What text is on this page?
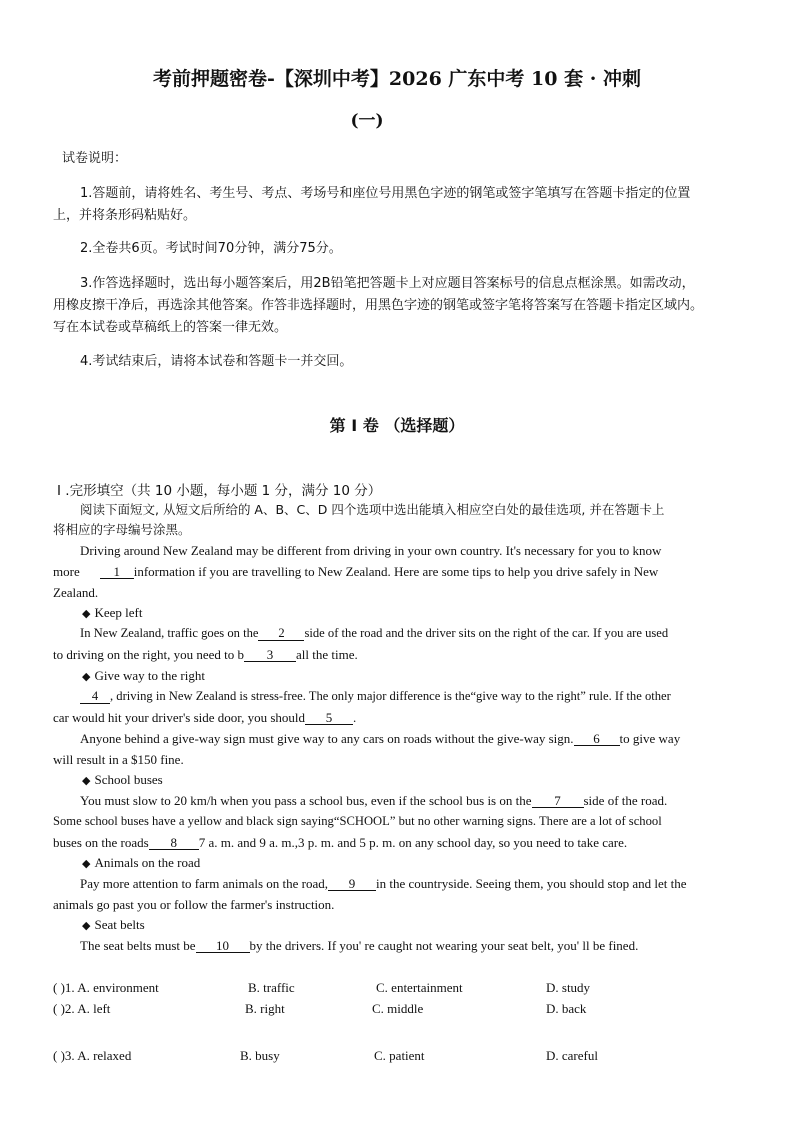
考前押题密卷-【深圳中考】2026 广东中考 10 套 · 冲刺
(一)
试卷说明：
1.答题前，请将姓名、考生号、考点、考场号和座位号用黑色字迹的钢笔或签字笔填写在答题卡指定的位置
上，并将条形码粘贴好。
2.全卷共6页。考试时间70分钟，满分75分。
3.作答选择题时，选出每小题答案后，用2B铅笔把答题卡上对应题目答案标号的信息点框涂黑。如需改动，
用橡皮擦干净后，再选涂其他答案。作答非选择题时，用黑色字迹的钢笔或签字笔将答案写在答题卡指定区域内。
写在本试卷或草稿纸上的答案一律无效。
4.考试结束后，请将本试卷和答题卡一并交回。
第 I 卷 （选择题）
I .完形填空（共 10 小题，每小题 1 分，满分 10 分）
阅读下面短文, 从短文后所给的 A、B、C、D 四个选项中选出能填入相应空白处的最佳选项, 并在答题卡上
将相应的字母编号涂黑。
Driving around New Zealand may be different from driving in your own country. It's necessary for you to know
more	1 information if you are travelling to New Zealand. Here are some tips to help you drive safely in New
Zealand.
◆ Keep left
In New Zealand, traffic goes on the 2 side of the road and the driver sits on the right of the car. If you are used
to driving on the right, you need to b 3 all the time.
◆ Give way to the right
4 , driving in New Zealand is stress-free. The only major difference is the“give way to the right” rule. If the other
car would hit your driver's side door, you should 5 .
Anyone behind a give-way sign must give way to any cars on roads without the give-way sign. 6 to give way
will result in a $150 fine.
◆ School buses
You must slow to 20 km/h when you pass a school bus, even if the school bus is on the 7 side of the road.
Some school buses have a yellow and black sign saying“SCHOOL” but no other warning signs. There are a lot of school
buses on the roads 8 7 a. m. and 9 a. m.,3 p. m. and 5 p. m. on any school day, so you need to take care.
◆ Animals on the road
Pay more attention to farm animals on the road, 9 in the countryside. Seeing them, you should stop and let the
animals go past you or follow the farmer's instruction.
◆ Seat belts
The seat belts must be 10 by the drivers. If you' re caught not wearing your seat belt, you' ll be fined.
( )1. A. environment	B. traffic	C. entertainment	D. study
( )2. A. left	B. right	C. middle	D. back
( )3. A. relaxed	B. busy	C. patient	D. careful
